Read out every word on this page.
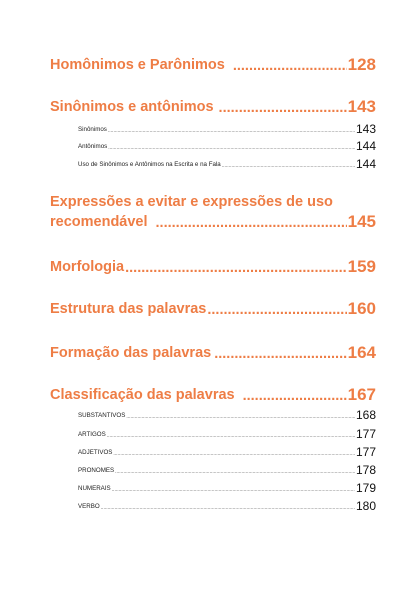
Homônimos e Parônimos .....	128
Sinônimos e antônimos .....	143
Sinônimos .....	143
Antônimos .....	144
Uso de Sinônimos e Antônimos na Escrita e na Fala .....	144
Expressões a evitar e expressões de uso
recomendável .....	145
Morfologia .....	159
Estrutura das palavras .....	160
Formação das palavras .....	164
Classificação das palavras .....	167
SUBSTANTIVOS .....	168
ARTIGOS .....	177
ADJETIVOS .....	177
PRONOMES .....	178
NUMERAIS .....	179
VERBO .....	180
